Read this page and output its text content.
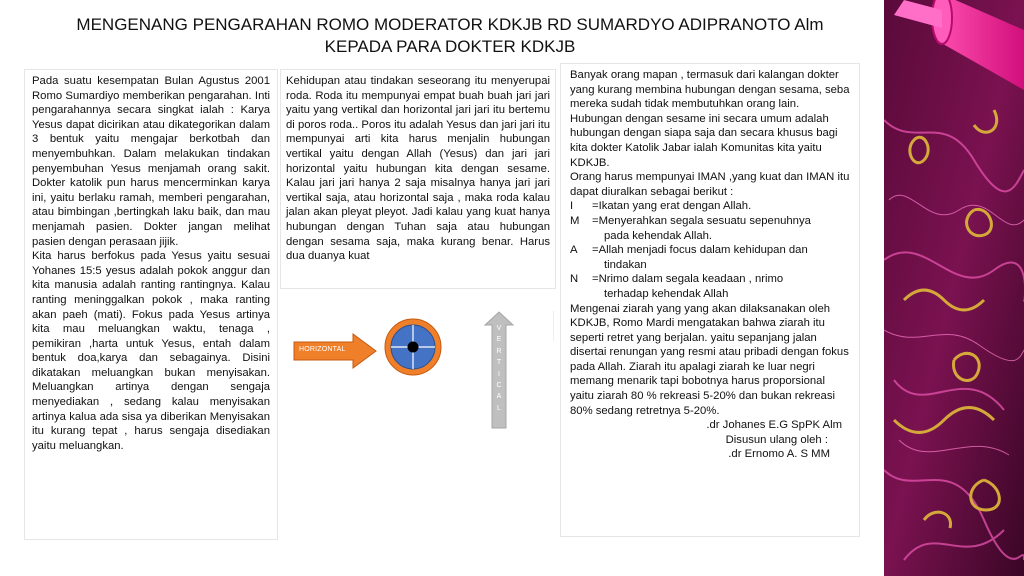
MENGENANG PENGARAHAN ROMO MODERATOR KDKJB RD SUMARDYO ADIPRANOTO Alm
KEPADA PARA DOKTER KDKJB

Pada suatu kesempatan Bulan Agustus 2001 Romo Sumardiyo memberikan pengarahan. Inti pengarahannya secara singkat ialah : Karya Yesus dapat dicirikan atau dikategorikan dalam 3 bentuk yaitu mengajar berkotbah dan menyembuhkan. Dalam melakukan tindakan penyembuhan Yesus menjamah orang sakit. Dokter katolik pun harus mencerminkan karya ini, yaitu berlaku ramah, memberi pengarahan, atau bimbingan ,bertingkah laku baik, dan mau menjamah pasien. Dokter jangan melihat pasien dengan perasaan jijik.

Kita harus berfokus pada Yesus yaitu sesuai Yohanes 15:5 yesus adalah pokok anggur dan kita manusia adalah ranting rantingnya. Kalau ranting meninggalkan pokok , maka ranting akan paeh (mati). Fokus pada Yesus artinya kita mau meluangkan waktu, tenaga , pemikiran ,harta untuk Yesus, entah dalam bentuk doa,karya dan sebagainya. Disini dikatakan meluangkan bukan menyisakan. Meluangkan artinya dengan sengaja menyediakan , sedang kalau menyisakan artinya kalua ada sisa ya diberikan Menyisakan itu kurang tepat , harus sengaja disediakan yaitu meluangkan.

Kehidupan atau tindakan seseorang itu menyerupai roda. Roda itu mempunyai empat buah buah jari jari yaitu yang vertikal dan horizontal jari jari itu bertemu di poros roda.. Poros itu adalah Yesus dan jari jari itu mempunyai arti kita harus menjalin hubungan vertikal yaitu dengan Allah (Yesus) dan jari jari horizontal yaitu hubungan kita dengan sesame. Kalau jari jari hanya 2 saja misalnya hanya jari jari vertikal saja, atau horizontal saja , maka roda kalau jalan akan pleyat pleyot. Jadi kalau yang kuat hanya hubungan dengan Tuhan saja atau hubungan dengan sesama saja, maka kurang benar. Harus dua duanya kuat

HORIZONTAL
V
E
R
T
I
C
A
L

Banyak orang mapan , termasuk dari kalangan dokter yang kurang membina hubungan dengan sesama, seba mereka sudah tidak membutuhkan orang lain. Hubungan dengan sesame ini secara umum adalah hubungan dengan siapa saja dan secara khusus bagi kita dokter Katolik Jabar ialah Komunitas kita yaitu KDKJB.

Orang harus mempunyai IMAN ,yang kuat dan IMAN itu dapat diuralkan sebagai berikut :

I	=Ikatan yang erat dengan Allah.
M	=Menyerahkan segala sesuatu sepenuhnya
pada kehendak Allah.
A	=Allah menjadi focus dalam kehidupan dan
tindakan
N	=Nrimo dalam segala keadaan , nrimo
terhadap kehendak Allah

Mengenai ziarah yang yang akan dilaksanakan oleh KDKJB, Romo Mardi mengatakan bahwa ziarah itu seperti retret yang berjalan. yaitu sepanjang jalan disertai renungan yang resmi atau pribadi dengan fokus pada Allah. Ziarah itu apalagi ziarah ke luar negri memang menarik tapi bobotnya harus proporsional yaitu ziarah 80 % rekreasi 5-20% dan bukan rekreasi 80% sedang retretnya 5-20%.

.dr Johanes E.G SpPK Alm
Disusun ulang oleh :
.dr Ernomo A. S MM
